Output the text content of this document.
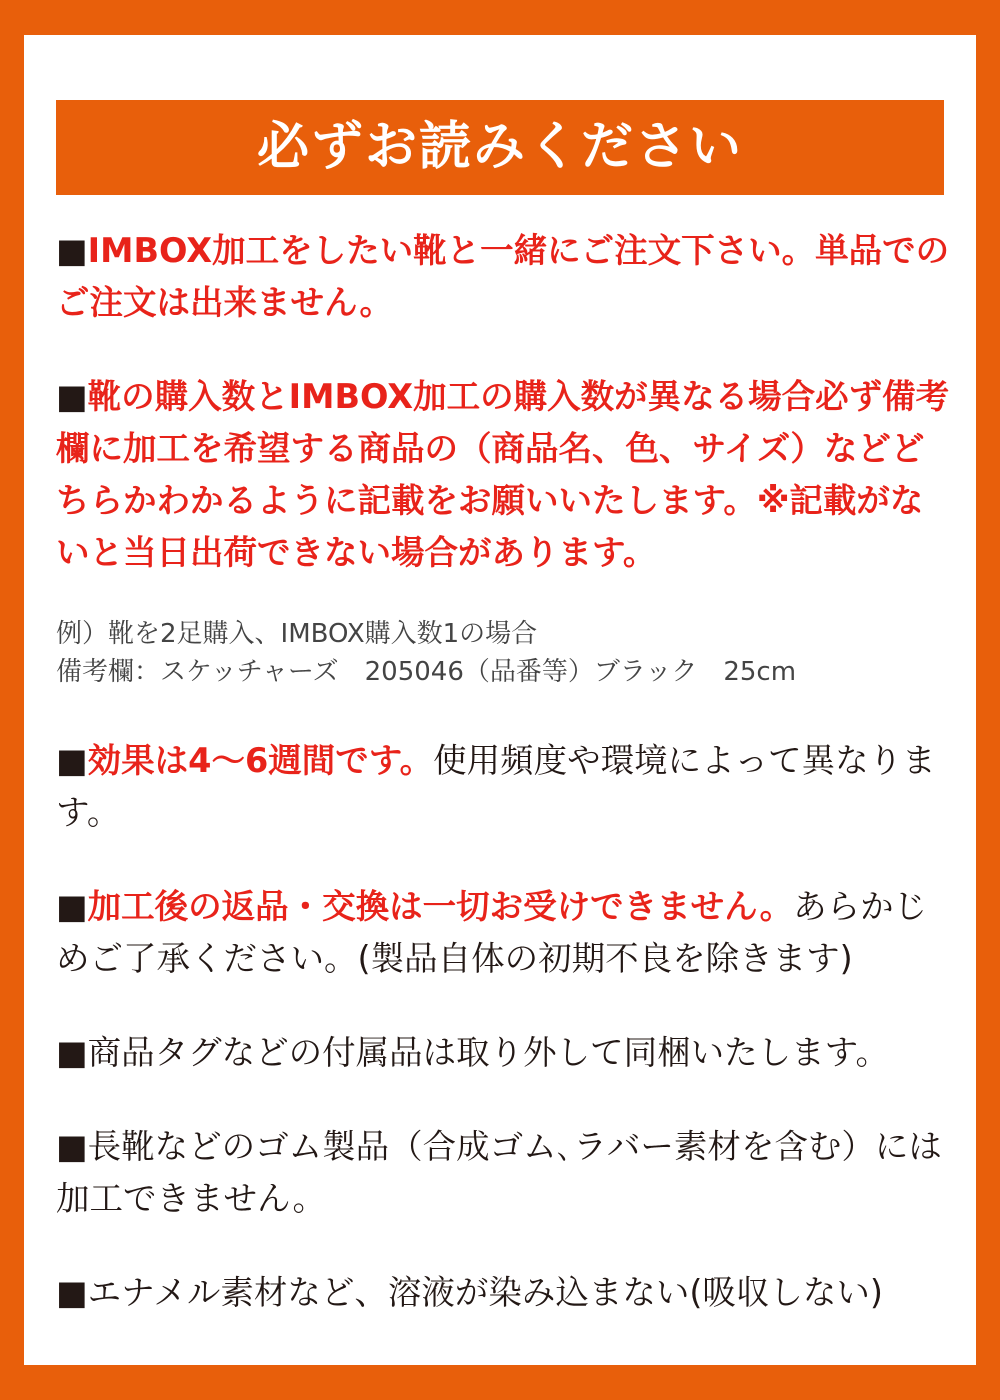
必ずお読みください

■IMBOX加工をしたい靴と一緒にご注文下さい。単品でのご注文は出来ません。

■靴の購入数とIMBOX加工の購入数が異なる場合必ず備考欄に加工を希望する商品の（商品名、色、サイズ）などどちらかわかるように記載をお願いいたします。※記載がないと当日出荷できない場合があります。

例）靴を2足購入、IMBOX購入数1の場合
備考欄：スケッチャーズ　205046（品番等）ブラック　25cm

■効果は4〜6週間です。使用頻度や環境によって異なります。

■加工後の返品・交換は一切お受けできません。あらかじめご了承ください。(製品自体の初期不良を除きます)

■商品タグなどの付属品は取り外して同梱いたします。

■長靴などのゴム製品（合成ゴム､ラバー素材を含む）には加工できません。

■エナメル素材など、溶液が染み込まない(吸収しない)
